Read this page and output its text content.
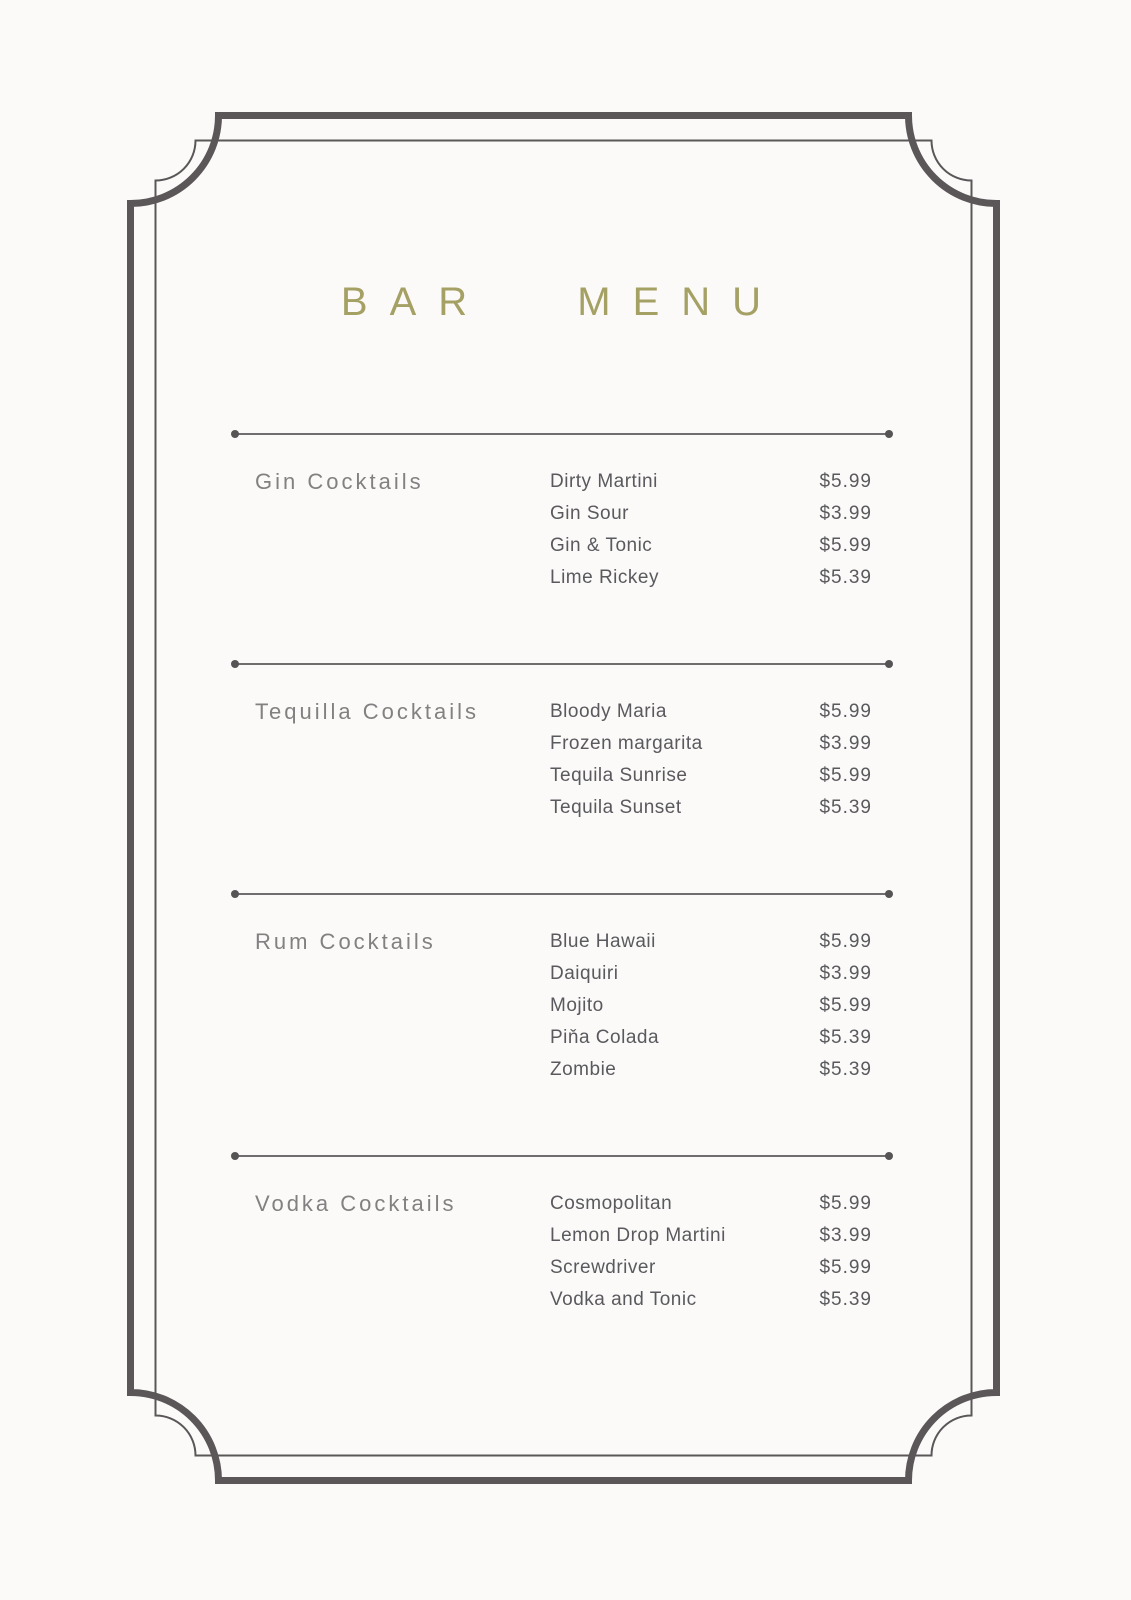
BAR MENU
Gin Cocktails	Dirty Martini	$5.99
Gin Sour	$3.99
Gin & Tonic	$5.99
Lime Rickey	$5.39
Tequilla Cocktails	Bloody Maria	$5.99
Frozen margarita	$3.99
Tequila Sunrise	$5.99
Tequila Sunset	$5.39
Rum Cocktails	Blue Hawaii	$5.99
Daiquiri	$3.99
Mojito	$5.99
Piňa Colada	$5.39
Zombie	$5.39
Vodka Cocktails	Cosmopolitan	$5.99
Lemon Drop Martini	$3.99
Screwdriver	$5.99
Vodka and Tonic	$5.39
